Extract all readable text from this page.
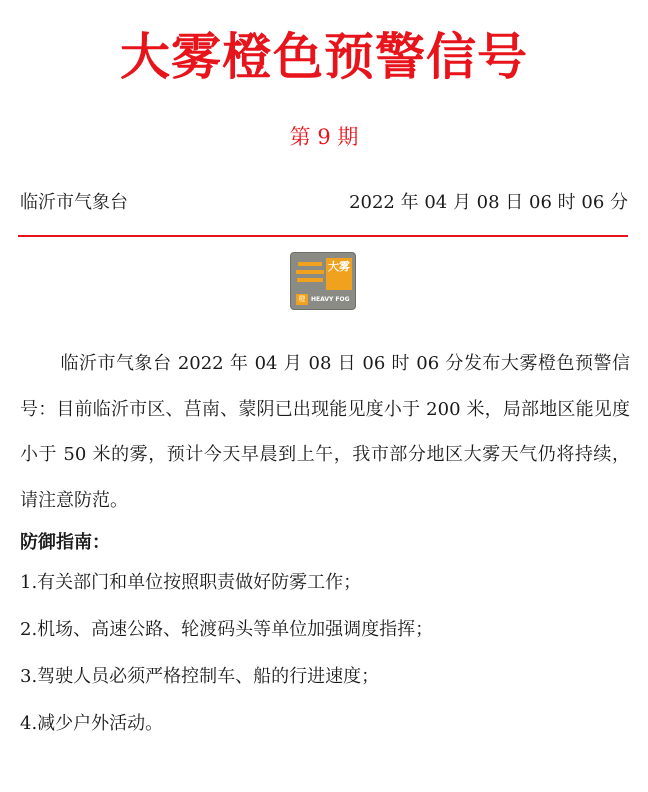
大雾橙色预警信号
第 9 期
临沂市气象台	2022 年 04 月 08 日 06 时 06 分
大雾
橙 HEAVY FOG
临沂市气象台 2022 年 04 月 08 日 06 时 06 分发布大雾橙色预警信号：目前临沂市区、莒南、蒙阴已出现能见度小于 200 米，局部地区能见度小于 50 米的雾，预计今天早晨到上午，我市部分地区大雾天气仍将持续，请注意防范。
防御指南：
1.有关部门和单位按照职责做好防雾工作；
2.机场、高速公路、轮渡码头等单位加强调度指挥；
3.驾驶人员必须严格控制车、船的行进速度；
4.减少户外活动。
